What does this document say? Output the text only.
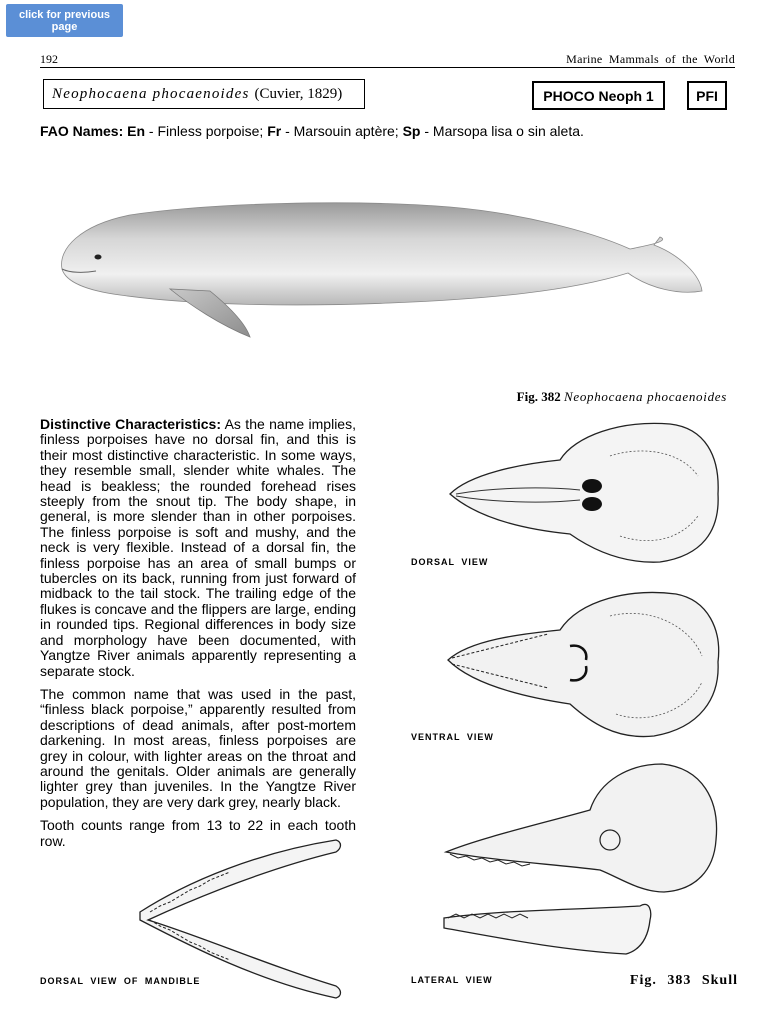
click for previous page
192	Marine Mammals of the World
Neophocaena phocaenoides (Cuvier, 1829)	PHOCO Neoph 1	PFI
FAO Names: En - Finless porpoise; Fr - Marsouin aptère; Sp - Marsopa lisa o sin aleta.
Fig. 382 Neophocaena phocaenoides

Distinctive Characteristics: As the name implies, finless porpoises have no dorsal fin, and this is their most distinctive characteristic. In some ways, they resemble small, slender white whales. The head is beakless; the rounded forehead rises steeply from the snout tip. The body shape, in general, is more slender than in other porpoises. The finless porpoise is soft and mushy, and the neck is very flexible. Instead of a dorsal fin, the finless porpoise has an area of small bumps or tubercles on its back, running from just forward of midback to the tail stock. The trailing edge of the flukes is concave and the flippers are large, ending in rounded tips. Regional differences in body size and morphology have been documented, with Yangtze River animals apparently representing a separate stock.

The common name that was used in the past, “finless black porpoise,” apparently resulted from descriptions of dead animals, after post-mortem darkening. In most areas, finless porpoises are grey in colour, with lighter areas on the throat and around the genitals. Older animals are generally lighter grey than juveniles. In the Yangtze River population, they are very dark grey, nearly black.

Tooth counts range from 13 to 22 in each tooth row.

DORSAL VIEW
VENTRAL VIEW
LATERAL VIEW
DORSAL VIEW OF MANDIBLE	Fig. 383 Skull
